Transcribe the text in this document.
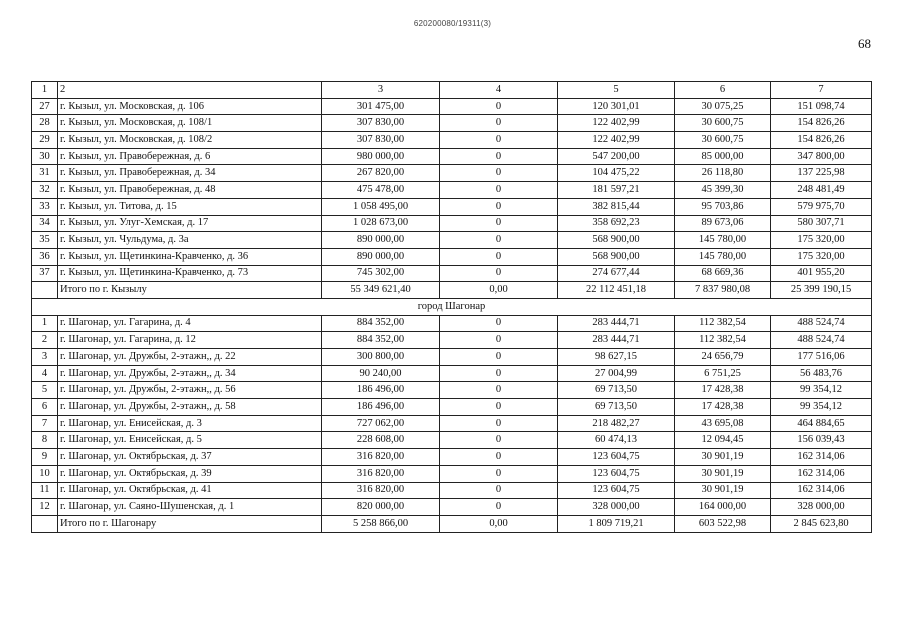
620200080/19311(3)
68
1	2	3	4	5	6	7
27	г. Кызыл, ул. Московская, д. 106	301 475,00	0	120 301,01	30 075,25	151 098,74
28	г. Кызыл, ул. Московская, д. 108/1	307 830,00	0	122 402,99	30 600,75	154 826,26
29	г. Кызыл, ул. Московская, д. 108/2	307 830,00	0	122 402,99	30 600,75	154 826,26
30	г. Кызыл, ул. Правобережная, д. 6	980 000,00	0	547 200,00	85 000,00	347 800,00
31	г. Кызыл, ул. Правобережная, д. 34	267 820,00	0	104 475,22	26 118,80	137 225,98
32	г. Кызыл, ул. Правобережная, д. 48	475 478,00	0	181 597,21	45 399,30	248 481,49
33	г. Кызыл, ул. Титова, д. 15	1 058 495,00	0	382 815,44	95 703,86	579 975,70
34	г. Кызыл, ул. Улуг-Хемская, д. 17	1 028 673,00	0	358 692,23	89 673,06	580 307,71
35	г. Кызыл, ул. Чульдума, д. 3а	890 000,00	0	568 900,00	145 780,00	175 320,00
36	г. Кызыл, ул. Щетинкина-Кравченко, д. 36	890 000,00	0	568 900,00	145 780,00	175 320,00
37	г. Кызыл, ул. Щетинкина-Кравченко, д. 73	745 302,00	0	274 677,44	68 669,36	401 955,20
	Итого по г. Кызылу	55 349 621,40	0,00	22 112 451,18	7 837 980,08	25 399 190,15
город Шагонар						
1	г. Шагонар, ул. Гагарина, д. 4	884 352,00	0	283 444,71	112 382,54	488 524,74
2	г. Шагонар, ул. Гагарина, д. 12	884 352,00	0	283 444,71	112 382,54	488 524,74
3	г. Шагонар, ул. Дружбы, 2-этажн,, д. 22	300 800,00	0	98 627,15	24 656,79	177 516,06
4	г. Шагонар, ул. Дружбы, 2-этажн,, д. 34	90 240,00	0	27 004,99	6 751,25	56 483,76
5	г. Шагонар, ул. Дружбы, 2-этажн,, д. 56	186 496,00	0	69 713,50	17 428,38	99 354,12
6	г. Шагонар, ул. Дружбы, 2-этажн,, д. 58	186 496,00	0	69 713,50	17 428,38	99 354,12
7	г. Шагонар, ул. Енисейская, д. 3	727 062,00	0	218 482,27	43 695,08	464 884,65
8	г. Шагонар, ул. Енисейская, д. 5	228 608,00	0	60 474,13	12 094,45	156 039,43
9	г. Шагонар, ул. Октябрьская, д. 37	316 820,00	0	123 604,75	30 901,19	162 314,06
10	г. Шагонар, ул. Октябрьская, д. 39	316 820,00	0	123 604,75	30 901,19	162 314,06
11	г. Шагонар, ул. Октябрьская, д. 41	316 820,00	0	123 604,75	30 901,19	162 314,06
12	г. Шагонар, ул. Саяно-Шушенская, д. 1	820 000,00	0	328 000,00	164 000,00	328 000,00
	Итого по г. Шагонару	5 258 866,00	0,00	1 809 719,21	603 522,98	2 845 623,80
